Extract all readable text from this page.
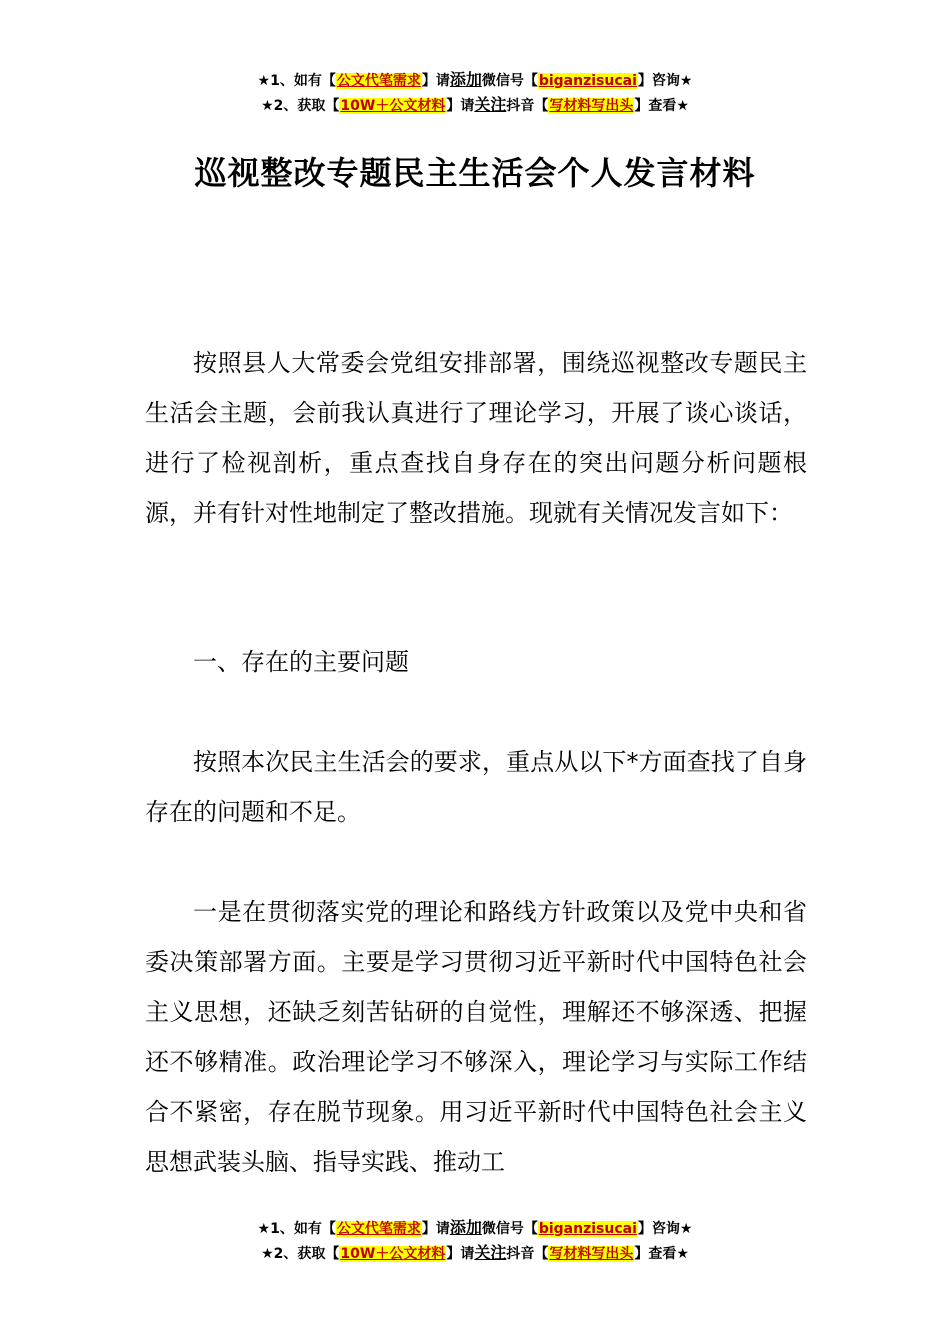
★1、如有【公文代笔需求】请添加微信号【biganzisucai】咨询★
★2、获取【10W＋公文材料】请关注抖音【写材料写出头】查看★
巡视整改专题民主生活会个人发言材料

按照县人大常委会党组安排部署，围绕巡视整改专题民主生活会主题，会前我认真进行了理论学习，开展了谈心谈话，进行了检视剖析，重点查找自身存在的突出问题分析问题根源，并有针对性地制定了整改措施。现就有关情况发言如下：

一、存在的主要问题

按照本次民主生活会的要求，重点从以下*方面查找了自身存在的问题和不足。

一是在贯彻落实党的理论和路线方针政策以及党中央和省委决策部署方面。主要是学习贯彻习近平新时代中国特色社会主义思想，还缺乏刻苦钻研的自觉性，理解还不够深透、把握还不够精准。政治理论学习不够深入，理论学习与实际工作结合不紧密，存在脱节现象。用习近平新时代中国特色社会主义思想武装头脑、指导实践、推动工

★1、如有【公文代笔需求】请添加微信号【biganzisucai】咨询★
★2、获取【10W＋公文材料】请关注抖音【写材料写出头】查看★
